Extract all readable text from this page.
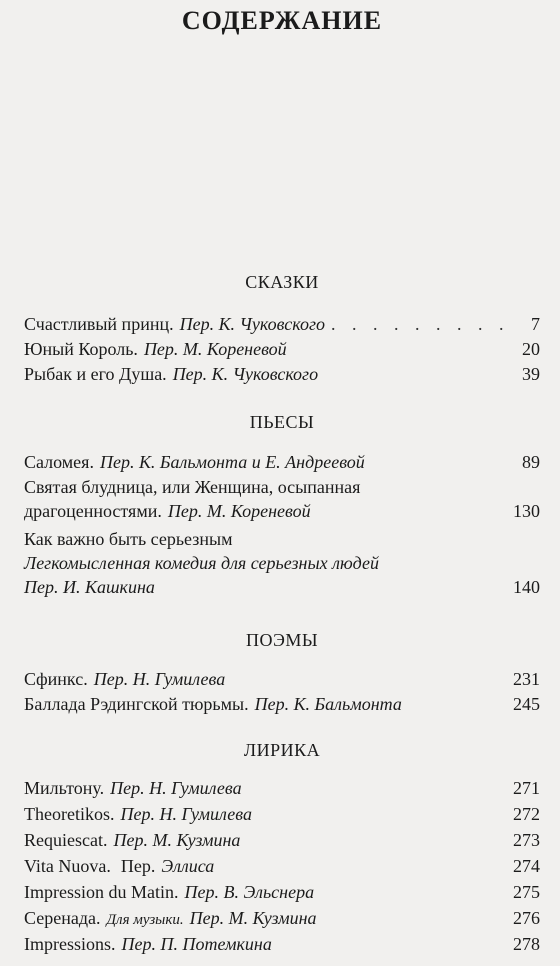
СОДЕРЖАНИЕ
СКАЗКИ
Счастливый принц. Пер. К. Чуковского . . .	7
Юный Король. Пер. М. Кореневой	20
Рыбак и его Душа. Пер. К. Чуковского	39
ПЬЕСЫ
Саломея. Пер. К. Бальмонта и Е. Андреевой	89
Святая блудница, или Женщина, осыпанная
драгоценностями. Пер. М. Кореневой	130
Как важно быть серьезным
Легкомысленная комедия для серьезных людей
Пер. И. Кашкина	140
ПОЭМЫ
Сфинкс. Пер. Н. Гумилева	231
Баллада Рэдингской тюрьмы. Пер. К. Бальмонта	245
ЛИРИКА
Мильтону. Пер. Н. Гумилева	271
Theoretikos. Пер. Н. Гумилева	272
Requiescat. Пер. М. Кузмина	273
Vita Nuova. Пер. Эллиса	274
Impression du Matin. Пер. В. Эльснера	275
Серенада. Для музыки. Пер. М. Кузмина	276
Impressions. Пер. П. Потемкина	278
